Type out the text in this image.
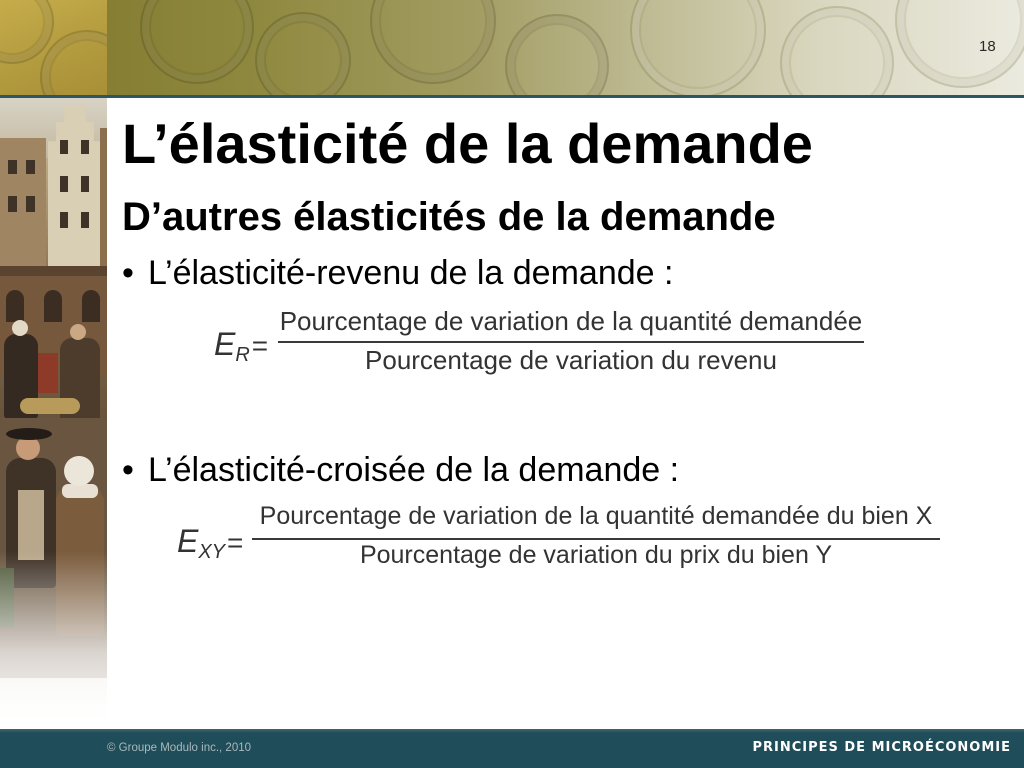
18
L’élasticité de la demande
D’autres élasticités de la demande
• L’élasticité-revenu de la demande :
$E_R=$
Pourcentage de variation de la quantité demandée
Pourcentage de variation du revenu
• L’élasticité-croisée de la demande :
$E_{XY}=$
Pourcentage de variation de la quantité demandée du bien X
Pourcentage de variation du prix du bien Y
© Groupe Modulo inc., 2010	PRINCIPES DE MICROÉCONOMIE
